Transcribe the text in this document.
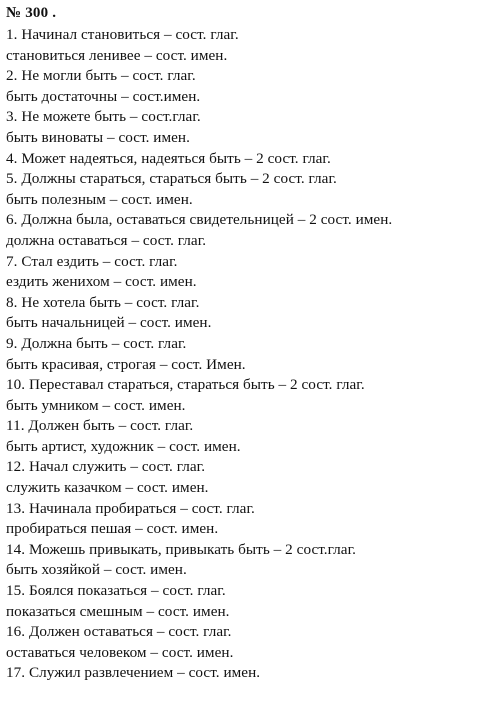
№ 300 .
1. Начинал становиться – сост. глаг.
становиться ленивее – сост. имен.
2. Не могли быть – сост. глаг.
быть достаточны – сост.имен.
3. Не можете быть – сост.глаг.
быть виноваты – сост. имен.
4. Может надеяться, надеяться быть – 2 сост. глаг.
5. Должны стараться, стараться быть – 2 сост. глаг.
быть полезным – сост. имен.
6. Должна была, оставаться свидетельницей – 2 сост. имен.
должна оставаться – сост. глаг.
7. Стал ездить – сост. глаг.
ездить женихом – сост. имен.
8. Не хотела быть – сост. глаг.
быть начальницей – сост. имен.
9. Должна быть – сост. глаг.
быть красивая, строгая – сост. Имен.
10. Переставал стараться, стараться быть – 2 сост. глаг.
быть умником – сост. имен.
11. Должен быть – сост. глаг.
быть артист, художник – сост. имен.
12. Начал служить – сост. глаг.
служить казачком – сост. имен.
13. Начинала пробираться – сост. глаг.
пробираться пешая – сост. имен.
14. Можешь привыкать, привыкать быть – 2 сост.глаг.
быть хозяйкой – сост. имен.
15. Боялся показаться – сост. глаг.
показаться смешным – сост. имен.
16. Должен оставаться – сост. глаг.
оставаться человеком – сост. имен.
17. Служил развлечением – сост. имен.
